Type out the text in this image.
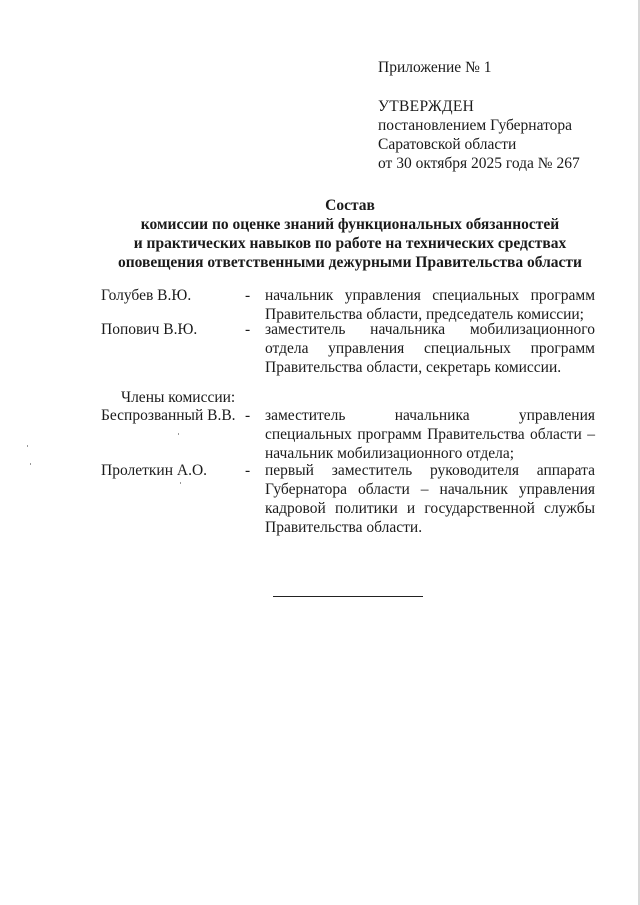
Приложение № 1
УТВЕРЖДЕН
постановлением Губернатора
Саратовской области
от 30 октября 2025 года № 267
Состав
комиссии по оценке знаний функциональных обязанностей
и практических навыков по работе на технических средствах
оповещения ответственными дежурными Правительства области
Голубев В.Ю.	- начальник управления специальных программ Правительства области, председатель комиссии;
Попович В.Ю.	- заместитель начальника мобилизационного отдела управления специальных программ Правительства области, секретарь комиссии.
Члены комиссии:
Беспрозванный В.В. - заместитель начальника управления специальных программ Правительства области – начальник мобилизационного отдела;
Пролеткин А.О. - первый заместитель руководителя аппарата Губернатора области – начальник управления кадровой политики и государственной службы Правительства области.
